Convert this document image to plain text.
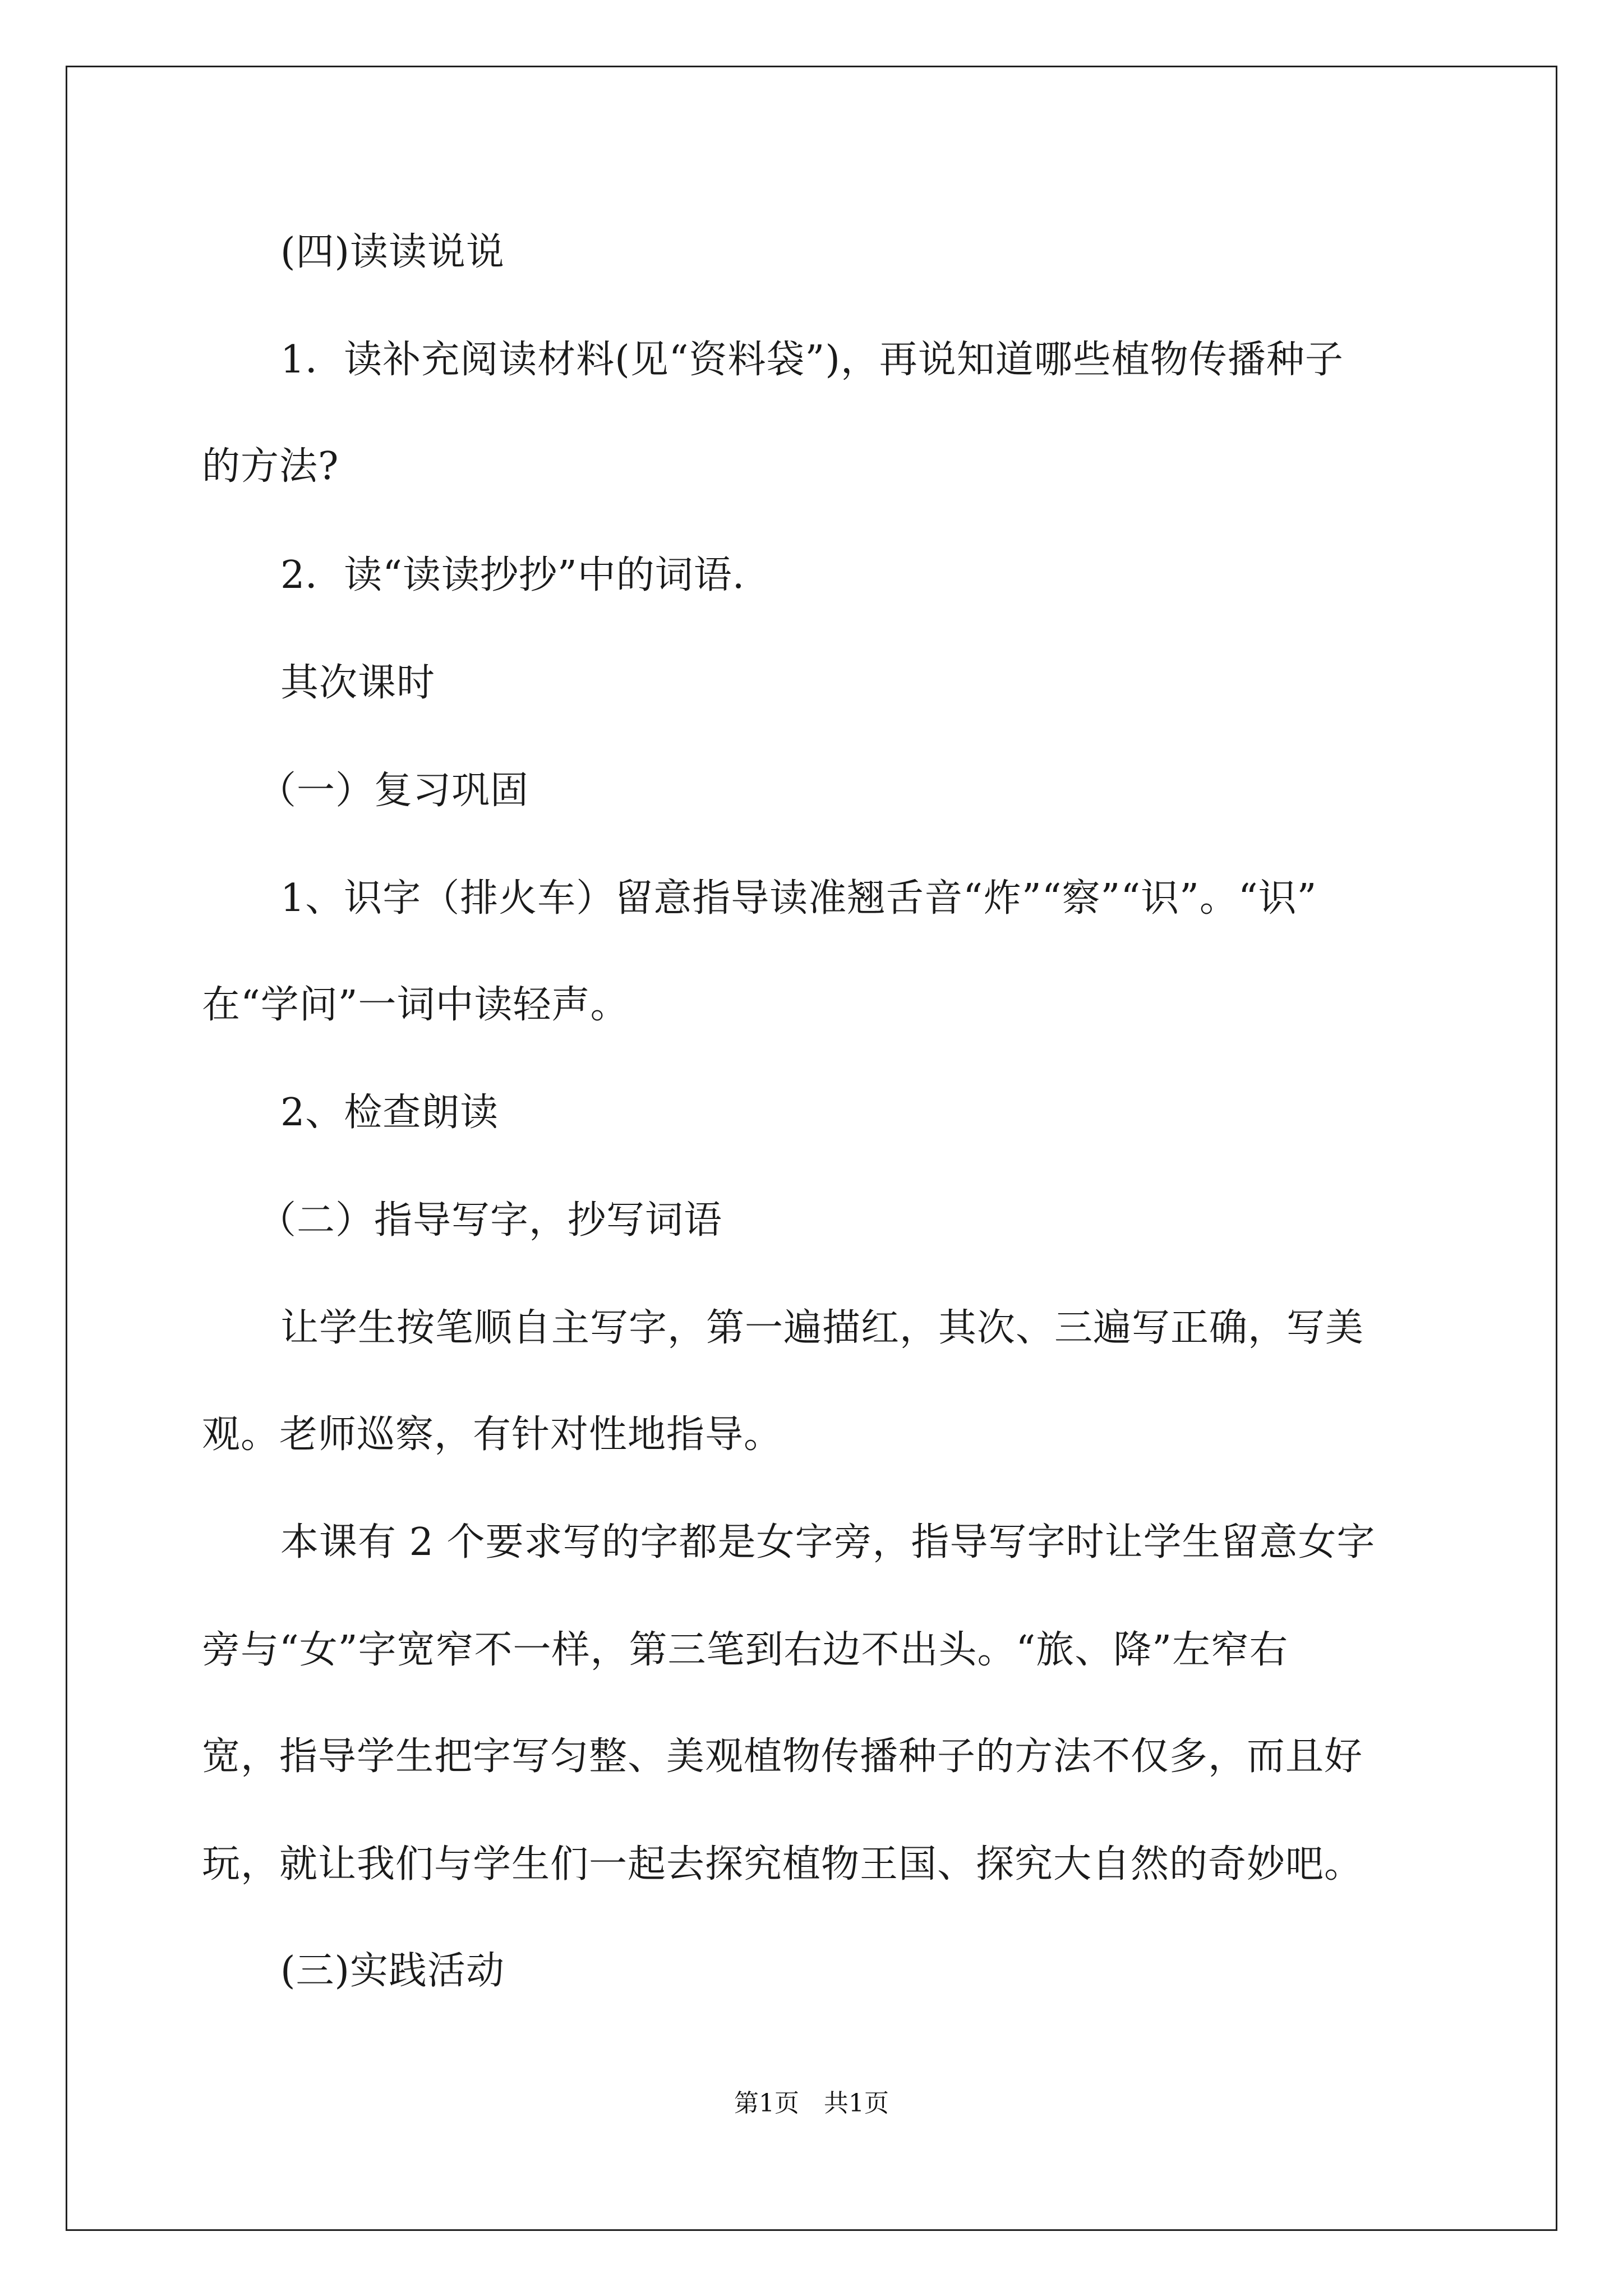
(四)读读说说
1．读补充阅读材料(见“资料袋”)，再说知道哪些植物传播种子
的方法?
2．读“读读抄抄”中的词语.
其次课时
（一）复习巩固
1、识字（排火车）留意指导读准翘舌音“炸”“察”“识”。“识”
在“学问”一词中读轻声。
2、检查朗读
（二）指导写字，抄写词语
让学生按笔顺自主写字，第一遍描红，其次、三遍写正确，写美
观。老师巡察，有针对性地指导。
本课有 2 个要求写的字都是女字旁，指导写字时让学生留意女字
旁与“女”字宽窄不一样，第三笔到右边不出头。“旅、降”左窄右
宽，指导学生把字写匀整、美观植物传播种子的方法不仅多，而且好
玩，就让我们与学生们一起去探究植物王国、探究大自然的奇妙吧。
(三)实践活动
第1页　共1页
